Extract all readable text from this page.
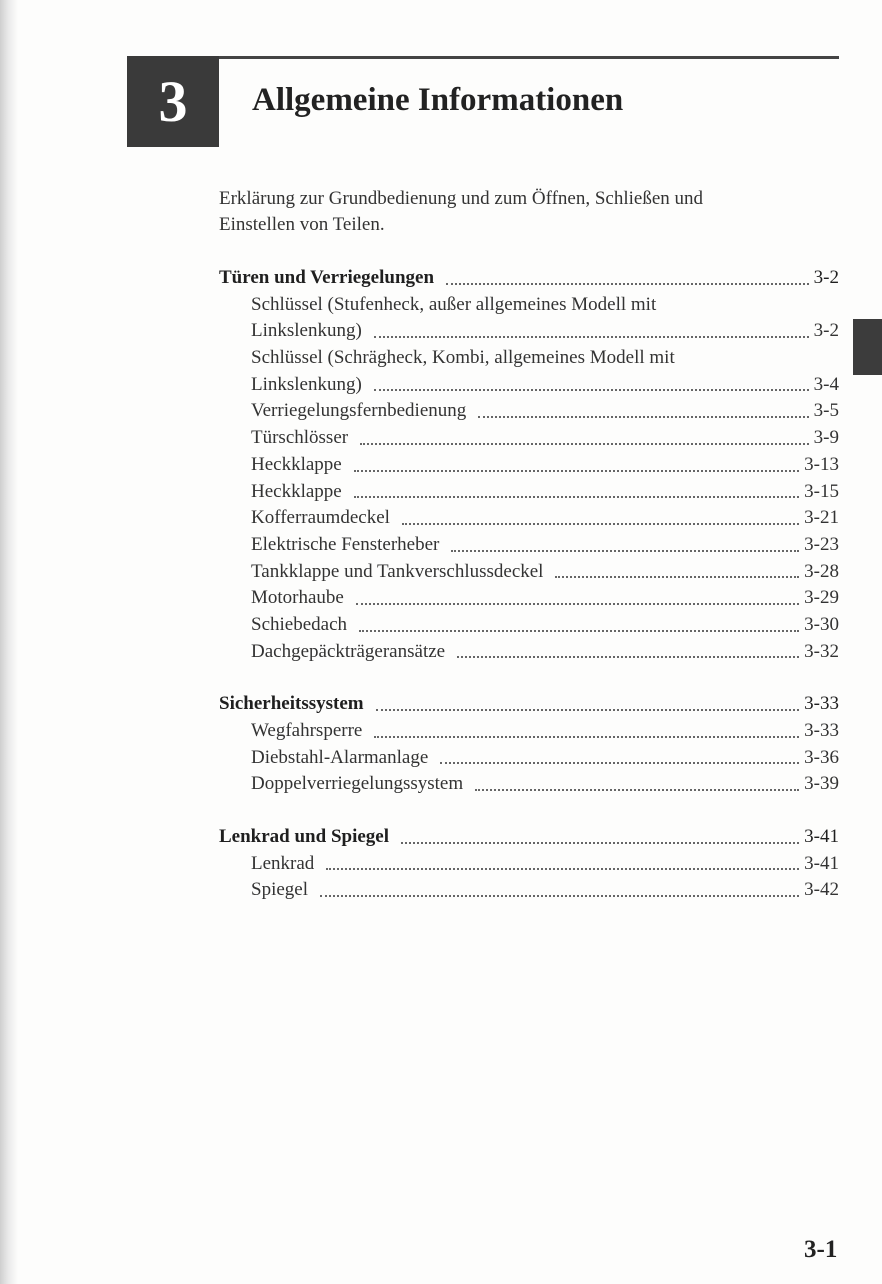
3	Allgemeine Informationen
Erklärung zur Grundbedienung und zum Öffnen, Schließen und
Einstellen von Teilen.
Türen und Verriegelungen	3-2
Schlüssel (Stufenheck, außer allgemeines Modell mit
Linkslenkung)	3-2
Schlüssel (Schrägheck, Kombi, allgemeines Modell mit
Linkslenkung)	3-4
Verriegelungsfernbedienung	3-5
Türschlösser	3-9
Heckklappe	3-13
Heckklappe	3-15
Kofferraumdeckel	3-21
Elektrische Fensterheber	3-23
Tankklappe und Tankverschlussdeckel	3-28
Motorhaube	3-29
Schiebedach	3-30
Dachgepäckträgeransätze	3-32
Sicherheitssystem	3-33
Wegfahrsperre	3-33
Diebstahl-Alarmanlage	3-36
Doppelverriegelungssystem	3-39
Lenkrad und Spiegel	3-41
Lenkrad	3-41
Spiegel	3-42
3-1
